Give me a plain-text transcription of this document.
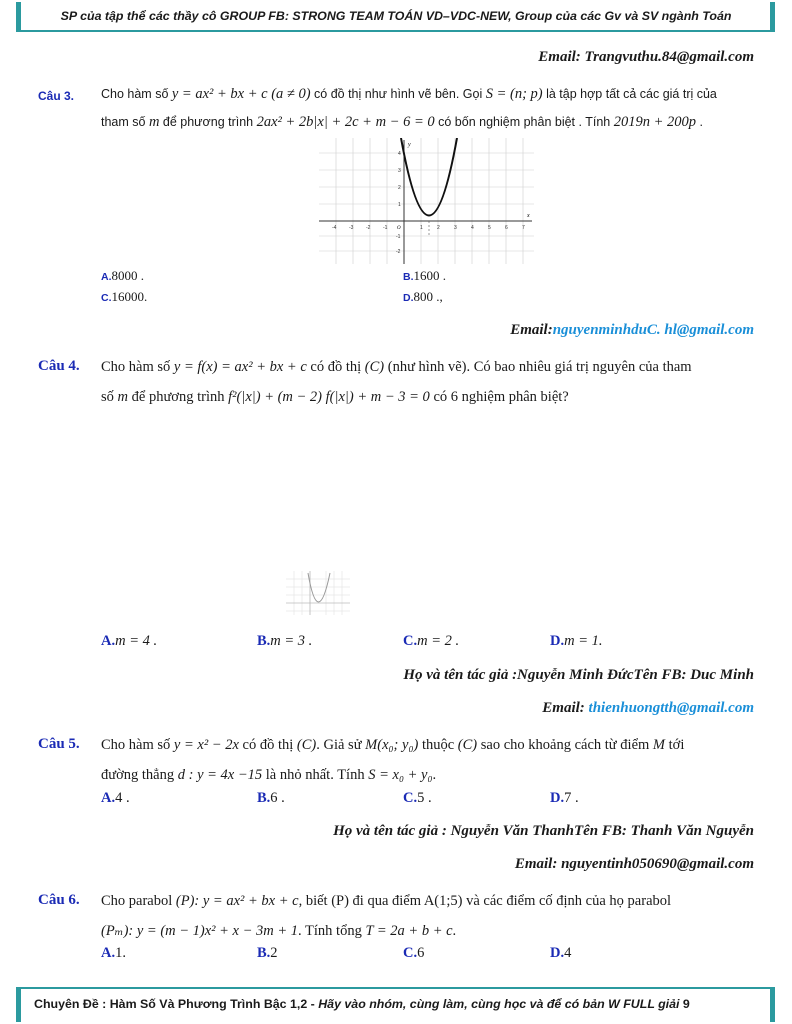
SP của tập thể các thầy cô GROUP FB: STRONG TEAM TOÁN VD–VDC-NEW, Group của các Gv và SV ngành Toán
Email: Trangvuthu.84@gmail.com
Câu 3. Cho hàm số y = ax² + bx + c (a ≠ 0) có đồ thị như hình vẽ bên. Gọi S = (n; p) là tập hợp tất cả các giá trị của
tham số m để phương trình 2ax² + 2b|x| + 2c + m − 6 = 0 có bốn nghiệm phân biệt . Tính 2019n + 200p .
y
x
O
-4	-3	-2	-1	1	2	3	4	5	6	7
1
2
3
4
-1
-2
A.8000 .	B.1600 .
C.16000.	D.800 .,
Email:nguyenminhduC. hl@gmail.com
Câu 4. Cho hàm số y = f(x) = ax² + bx + c có đồ thị (C) (như hình vẽ). Có bao nhiêu giá trị nguyên của tham
số m để phương trình f²(|x|) + (m − 2) f(|x|) + m − 3 = 0 có 6 nghiệm phân biệt?
A.m = 4 .	B.m = 3 .	C.m = 2 .	D.m = 1.
Họ và tên tác giả :Nguyễn Minh ĐứcTên FB: Duc Minh
Email: thienhuongtth@gmail.com
Câu 5. Cho hàm số y = x² − 2x có đồ thị (C). Giả sử M(x₀; y₀) thuộc (C) sao cho khoảng cách từ điểm M tới
đường thẳng d : y = 4x −15 là nhỏ nhất. Tính S = x₀ + y₀.
A.4 .	B.6 .	C.5 .	D.7 .
Họ và tên tác giả : Nguyễn Văn ThanhTên FB: Thanh Văn Nguyễn
Email: nguyentinh050690@gmail.com
Câu 6. Cho parabol (P): y = ax² + bx + c, biết (P) đi qua điểm A(1;5) và các điểm cố định của họ parabol
(Pₘ): y = (m − 1)x² + x − 3m + 1. Tính tổng T = 2a + b + c.
A.1.	B.2	C.6	D.4
Chuyên Đề : Hàm Số Và Phương Trình Bậc 1,2 - Hãy vào nhóm, cùng làm, cùng học và để có bản W FULL giải 9
